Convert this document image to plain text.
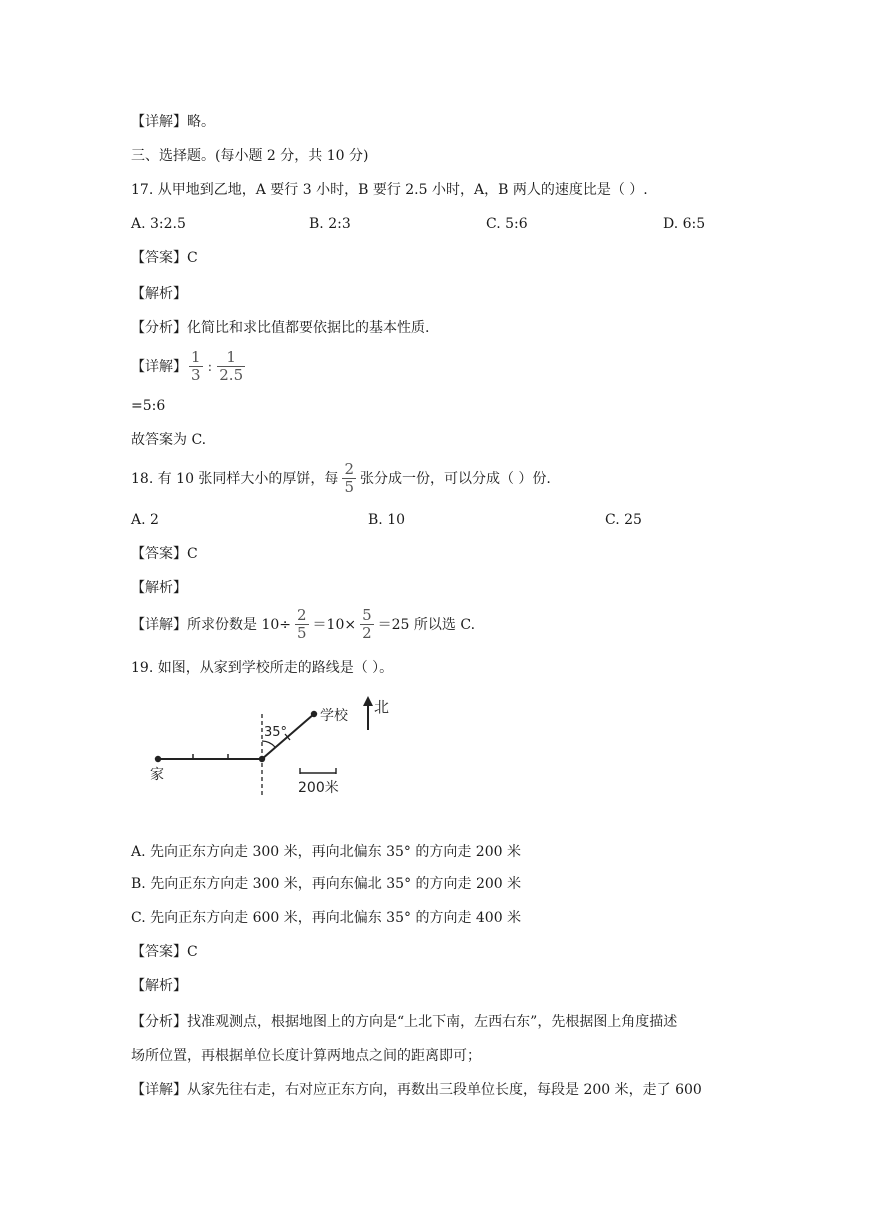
【详解】略。
三、选择题。(每小题 2 分，共 10 分)
17. 从甲地到乙地，A 要行 3 小时，B 要行 2.5 小时，A，B 两人的速度比是（ ）.
A. 3:2.5	B. 2:3	C. 5:6	D. 6:5
【答案】C
【解析】
【分析】化简比和求比值都要依据比的基本性质.
【详解】 $\frac{1}{3}$ : $\frac{1}{2.5}$
=5:6
故答案为 C.
18. 有 10 张同样大小的厚饼，每 $\frac{2}{5}$ 张分成一份，可以分成（ ）份.
A. 2	B. 10	C. 25
【答案】C
【解析】
【详解】所求份数是 $10\div \frac{2}{5} =10\times \frac{5}{2} =25$ 所以选 C.
19. 如图，从家到学校所走的路线是（ ）。
35°
家
学校 北
200米
A. 先向正东方向走 300 米，再向北偏东 35° 的方向走 200 米
B. 先向正东方向走 300 米，再向东偏北 35° 的方向走 200 米
C. 先向正东方向走 600 米，再向北偏东 35° 的方向走 400 米
【答案】C
【解析】
【分析】找准观测点，根据地图上的方向是“上北下南，左西右东”，先根据图上角度描述
场所位置，再根据单位长度计算两地点之间的距离即可；
【详解】从家先往右走，右对应正东方向，再数出三段单位长度，每段是 200 米，走了 600
